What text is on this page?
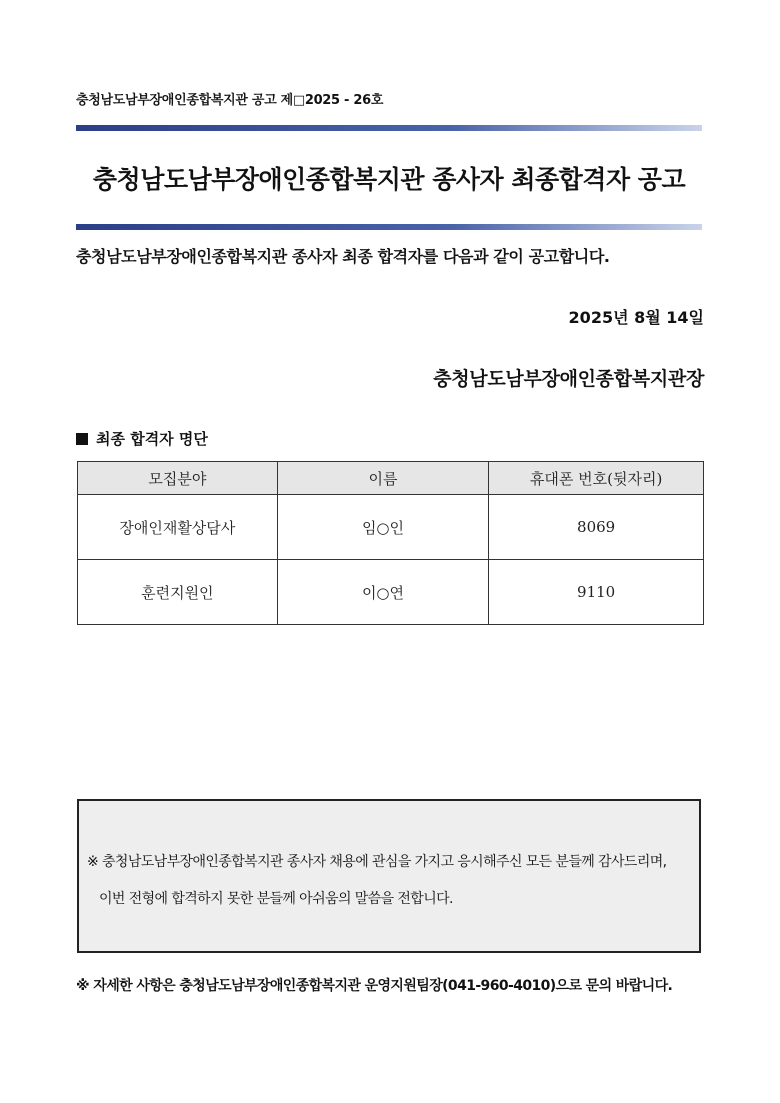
충청남도남부장애인종합복지관 공고 제□2025 - 26호
충청남도남부장애인종합복지관 종사자 최종합격자 공고
충청남도남부장애인종합복지관 종사자 최종 합격자를 다음과 같이 공고합니다.
2025년 8월 14일
충청남도남부장애인종합복지관장
최종 합격자 명단
모집분야	이름	휴대폰 번호(뒷자리)
장애인재활상담사	임○인	8069
훈련지원인	이○연	9110

※ 충청남도남부장애인종합복지관 종사자 채용에 관심을 가지고 응시해주신 모든 분들께 감사드리며,

이번 전형에 합격하지 못한 분들께 아쉬움의 말씀을 전합니다.

※ 자세한 사항은 충청남도남부장애인종합복지관 운영지원팀장(041-960-4010)으로 문의 바랍니다.
